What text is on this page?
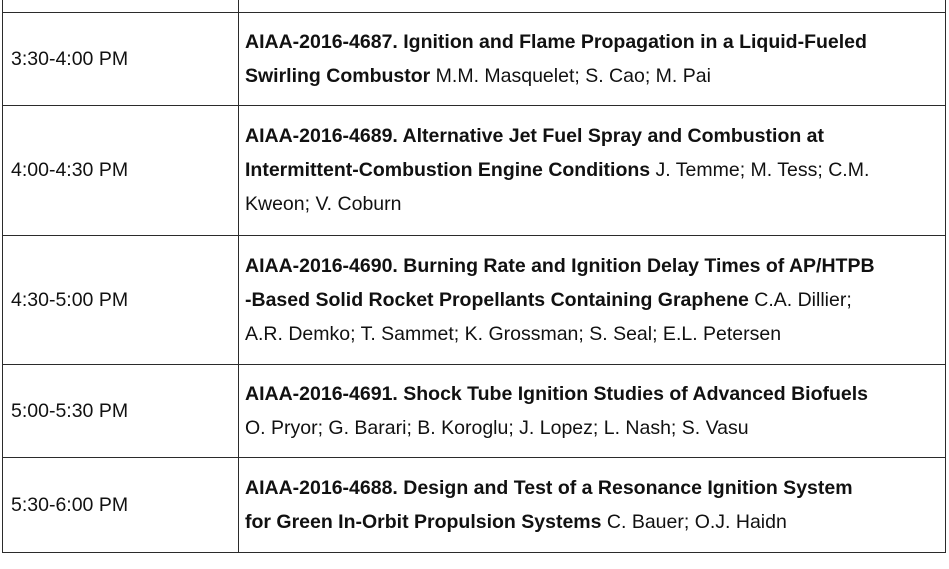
3:30-4:00 PM	AIAA-2016-4687. Ignition and Flame Propagation in a Liquid-Fueled
Swirling Combustor M.M. Masquelet; S. Cao; M. Pai
4:00-4:30 PM	AIAA-2016-4689. Alternative Jet Fuel Spray and Combustion at
Intermittent-Combustion Engine Conditions J. Temme; M. Tess; C.M.
Kweon; V. Coburn
4:30-5:00 PM	AIAA-2016-4690. Burning Rate and Ignition Delay Times of AP/HTPB
-Based Solid Rocket Propellants Containing Graphene C.A. Dillier;
A.R. Demko; T. Sammet; K. Grossman; S. Seal; E.L. Petersen
5:00-5:30 PM	AIAA-2016-4691. Shock Tube Ignition Studies of Advanced Biofuels
O. Pryor; G. Barari; B. Koroglu; J. Lopez; L. Nash; S. Vasu
5:30-6:00 PM	AIAA-2016-4688. Design and Test of a Resonance Ignition System
for Green In-Orbit Propulsion Systems C. Bauer; O.J. Haidn
